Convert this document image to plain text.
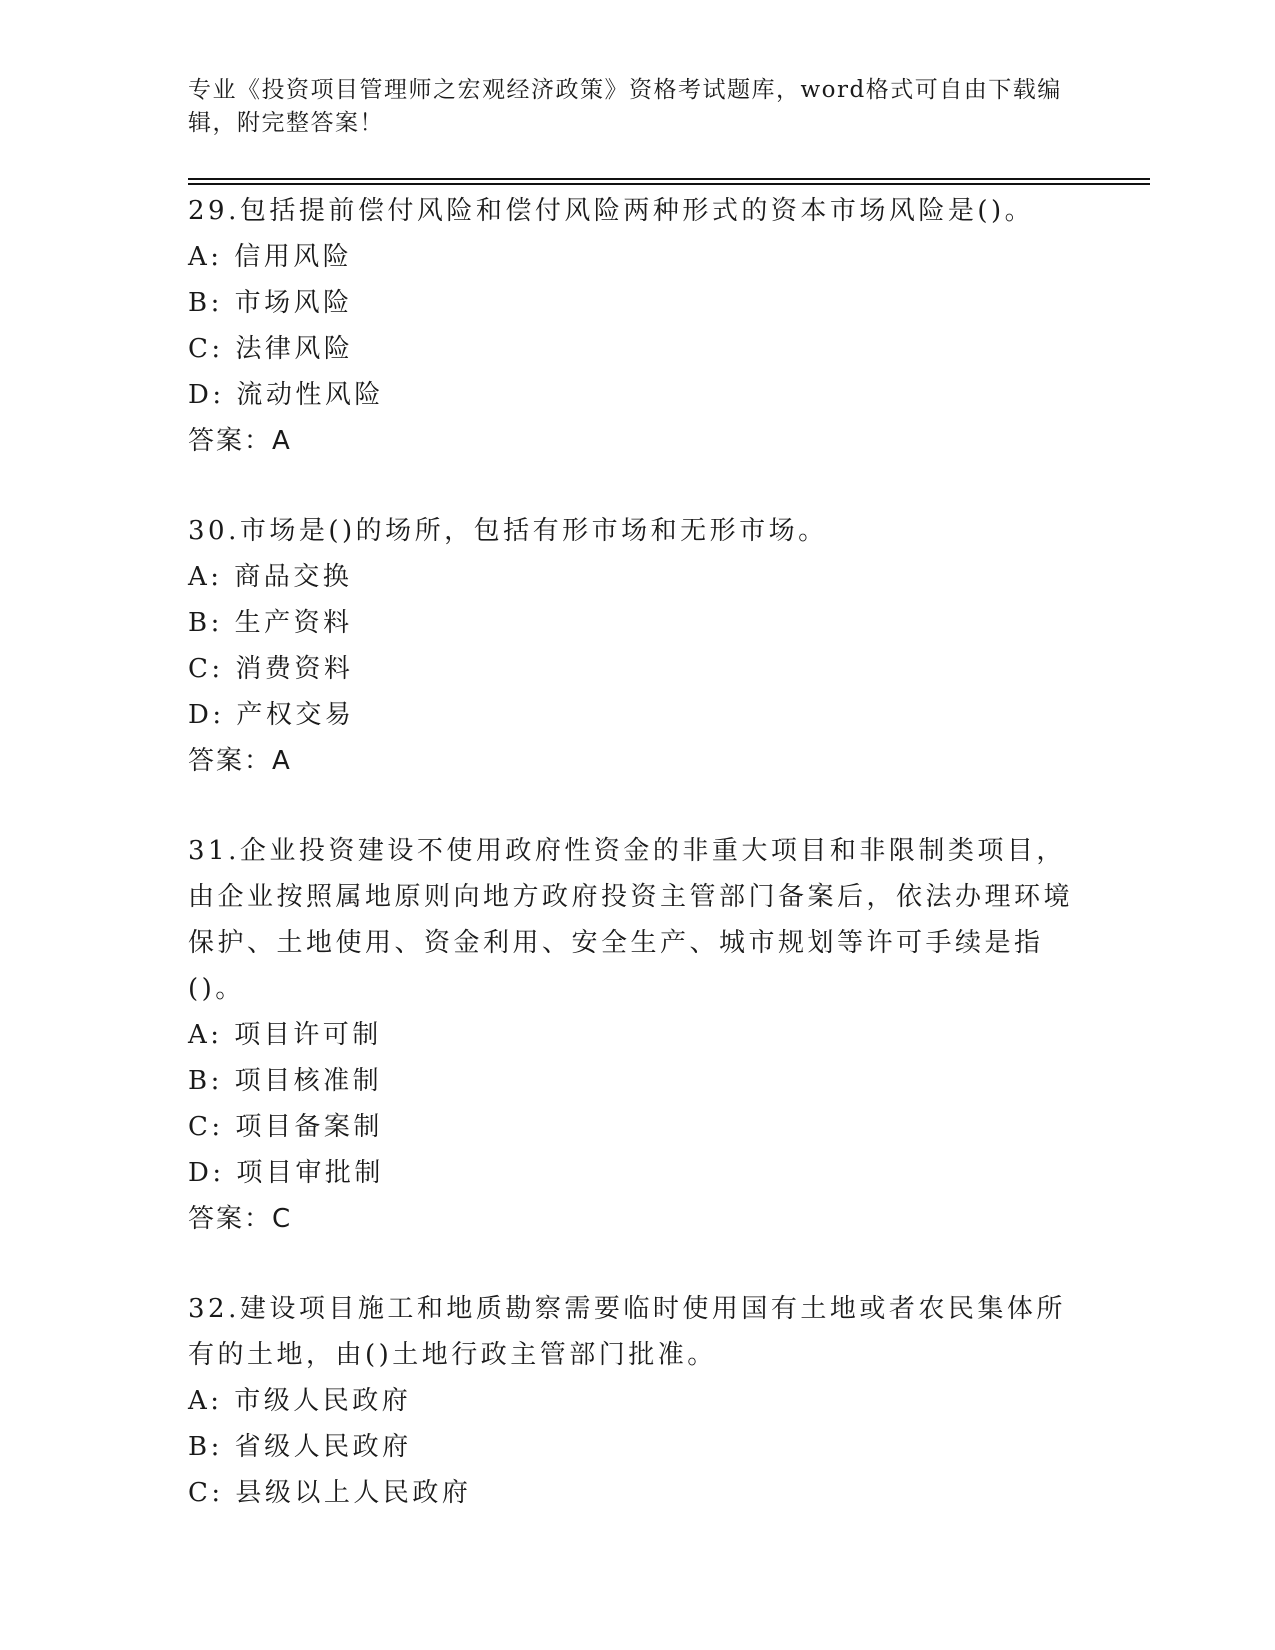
专业《投资项目管理师之宏观经济政策》资格考试题库，word格式可自由下载编辑，附完整答案！
29.包括提前偿付风险和偿付风险两种形式的资本市场风险是()。
A: 信用风险
B: 市场风险
C: 法律风险
D: 流动性风险
答案：A
30.市场是()的场所，包括有形市场和无形市场。
A: 商品交换
B: 生产资料
C: 消费资料
D: 产权交易
答案：A
31.企业投资建设不使用政府性资金的非重大项目和非限制类项目，由企业按照属地原则向地方政府投资主管部门备案后，依法办理环境保护、土地使用、资金利用、安全生产、城市规划等许可手续是指()。
A: 项目许可制
B: 项目核准制
C: 项目备案制
D: 项目审批制
答案：C
32.建设项目施工和地质勘察需要临时使用国有土地或者农民集体所有的土地，由()土地行政主管部门批准。
A: 市级人民政府
B: 省级人民政府
C: 县级以上人民政府
